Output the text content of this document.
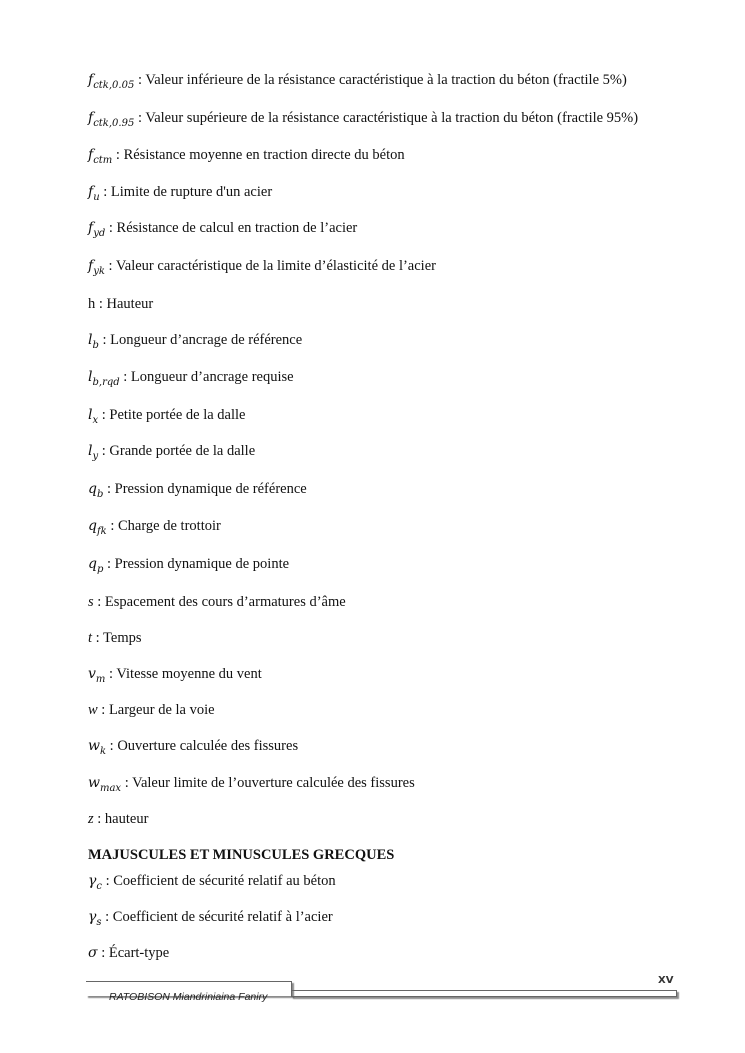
$f_{ctk,0.05}$ : Valeur inférieure de la résistance caractéristique à la traction du béton (fractile 5%)
$f_{ctk,0.95}$ : Valeur supérieure de la résistance caractéristique à la traction du béton (fractile 95%)
$f_{ctm}$ : Résistance moyenne en traction directe du béton
$f_u$ : Limite de rupture d'un acier
$f_{yd}$ : Résistance de calcul en traction de l’acier
$f_{yk}$ : Valeur caractéristique de la limite d’élasticité de l’acier
h : Hauteur
$l_b$ : Longueur d’ancrage de référence
$l_{b,rqd}$ : Longueur d’ancrage requise
$l_x$ : Petite portée de la dalle
$l_y$ : Grande portée de la dalle
$q_b$ : Pression dynamique de référence
$q_{fk}$ : Charge de trottoir
$q_p$ : Pression dynamique de pointe
s : Espacement des cours d’armatures d’âme
t : Temps
$v_m$ : Vitesse moyenne du vent
w : Largeur de la voie
$w_k$ : Ouverture calculée des fissures
$w_{max}$ : Valeur limite de l’ouverture calculée des fissures
z : hauteur
MAJUSCULES ET MINUSCULES GRECQUES
$\gamma_c$ : Coefficient de sécurité relatif au béton
$\gamma_s$ : Coefficient de sécurité relatif à l’acier
σ : Écart-type
XV
RATOBISON Miandriniaina Faniry
